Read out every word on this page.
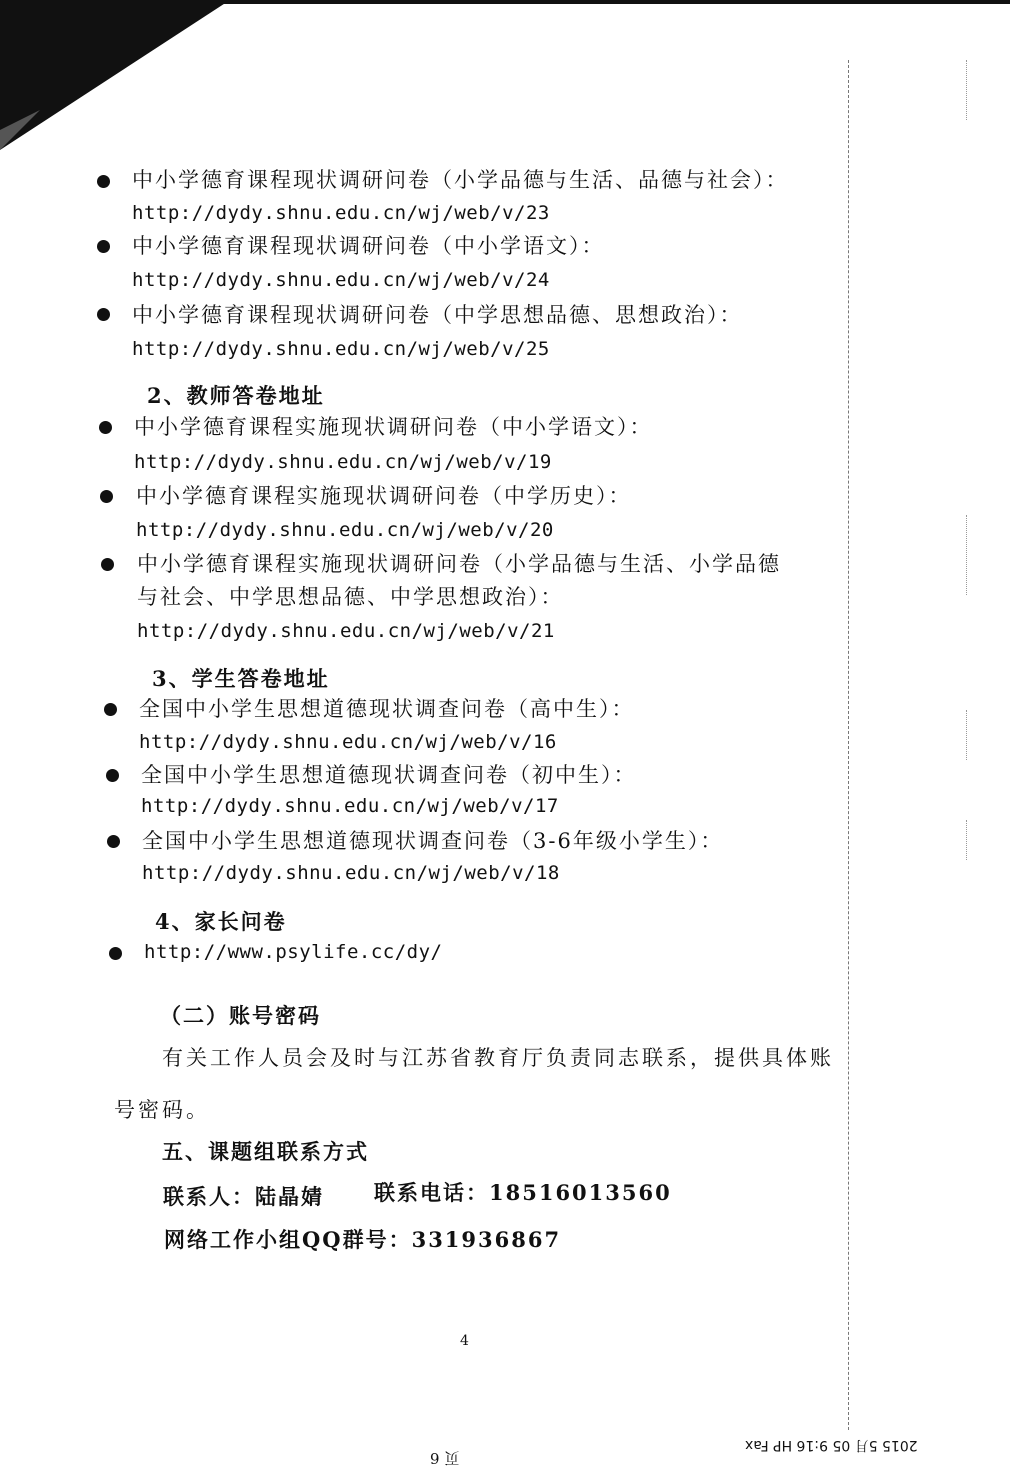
中小学德育课程现状调研问卷（小学品德与生活、品德与社会）：
http://dydy.shnu.edu.cn/wj/web/v/23
中小学德育课程现状调研问卷（中小学语文）：
http://dydy.shnu.edu.cn/wj/web/v/24
中小学德育课程现状调研问卷（中学思想品德、思想政治）：
http://dydy.shnu.edu.cn/wj/web/v/25
2、教师答卷地址
中小学德育课程实施现状调研问卷（中小学语文）：
http://dydy.shnu.edu.cn/wj/web/v/19
中小学德育课程实施现状调研问卷（中学历史）：
http://dydy.shnu.edu.cn/wj/web/v/20
中小学德育课程实施现状调研问卷（小学品德与生活、小学品德
与社会、中学思想品德、中学思想政治）：
http://dydy.shnu.edu.cn/wj/web/v/21
3、学生答卷地址
全国中小学生思想道德现状调查问卷（高中生）：
http://dydy.shnu.edu.cn/wj/web/v/16
全国中小学生思想道德现状调查问卷（初中生）：
http://dydy.shnu.edu.cn/wj/web/v/17
全国中小学生思想道德现状调查问卷（3-6年级小学生）：
http://dydy.shnu.edu.cn/wj/web/v/18
4、家长问卷
http://www.psylife.cc/dy/
（二）账号密码
有关工作人员会及时与江苏省教育厅负责同志联系，提供具体账
号密码。
五、课题组联系方式
联系人：陆晶婧 联系电话：18516013560
网络工作小组QQ群号：331936867
4
2015 5月 05 9:16 HP Fax
页 6
